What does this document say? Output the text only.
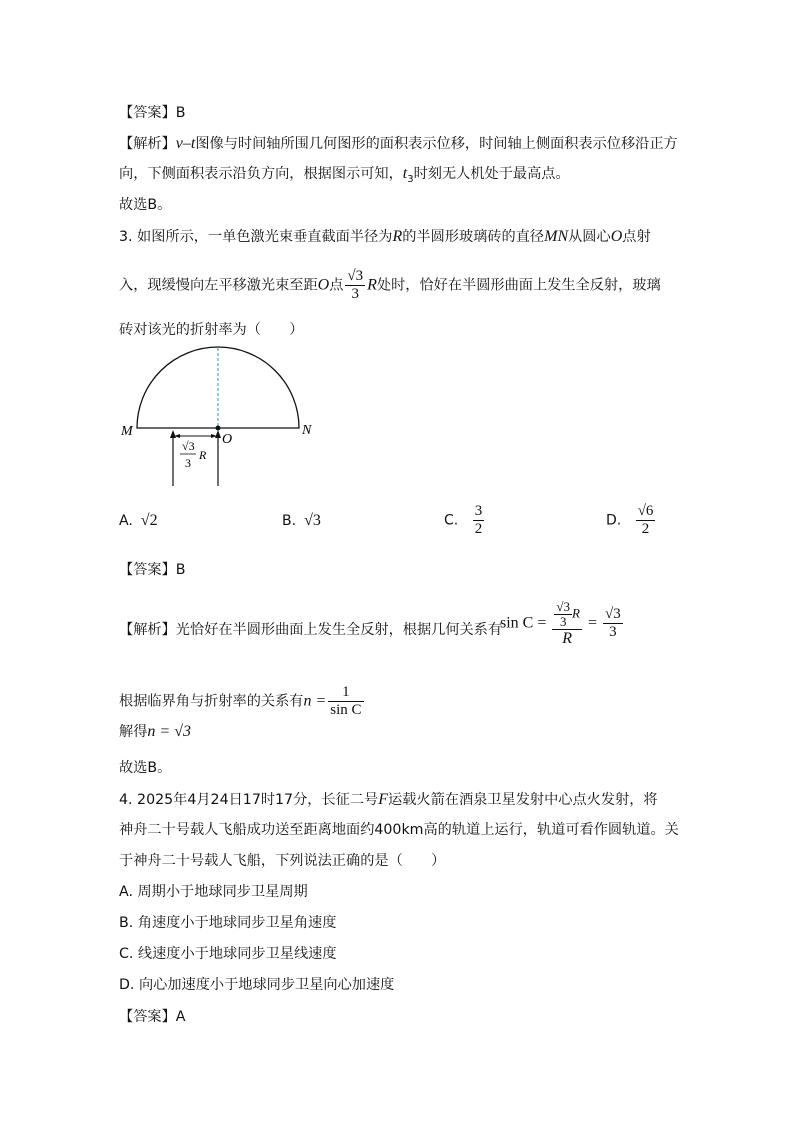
【答案】B
【解析】v–t图像与时间轴所围几何图形的面积表示位移，时间轴上侧面积表示位移沿正方
向，下侧面积表示沿负方向，根据图示可知，$t_3$时刻无人机处于最高点。
故选B。
3. 如图所示，一单色激光束垂直截面半径为R的半圆形玻璃砖的直径MN从圆心O点射
入，现缓慢向左平移激光束至距O点 $\frac{√3}{3}$ R处时，恰好在半圆形曲面上发生全反射，玻璃
砖对该光的折射率为（　　）
M	N
O
√3
3
R
A. √2	B. √3	C. $\frac{3}{2}$	D. $\frac{√6}{2}$
【答案】B
【解析】光恰好在半圆形曲面上发生全反射，根据几何关系有
$\sin C = \frac{\frac{√3}{3} R}{R} = \frac{√3}{3}$
根据临界角与折射率的关系有$n = \frac{1}{\text{sin C}}$
解得n = √3
故选B。
4. 2025年4月24日17时17分，长征二号F运载火箭在酒泉卫星发射中心点火发射，将
神舟二十号载人飞船成功送至距离地面约400km高的轨道上运行，轨道可看作圆轨道。关
于神舟二十号载人飞船，下列说法正确的是（　　）
A. 周期小于地球同步卫星周期
B. 角速度小于地球同步卫星角速度
C. 线速度小于地球同步卫星线速度
D. 向心加速度小于地球同步卫星向心加速度
【答案】A
